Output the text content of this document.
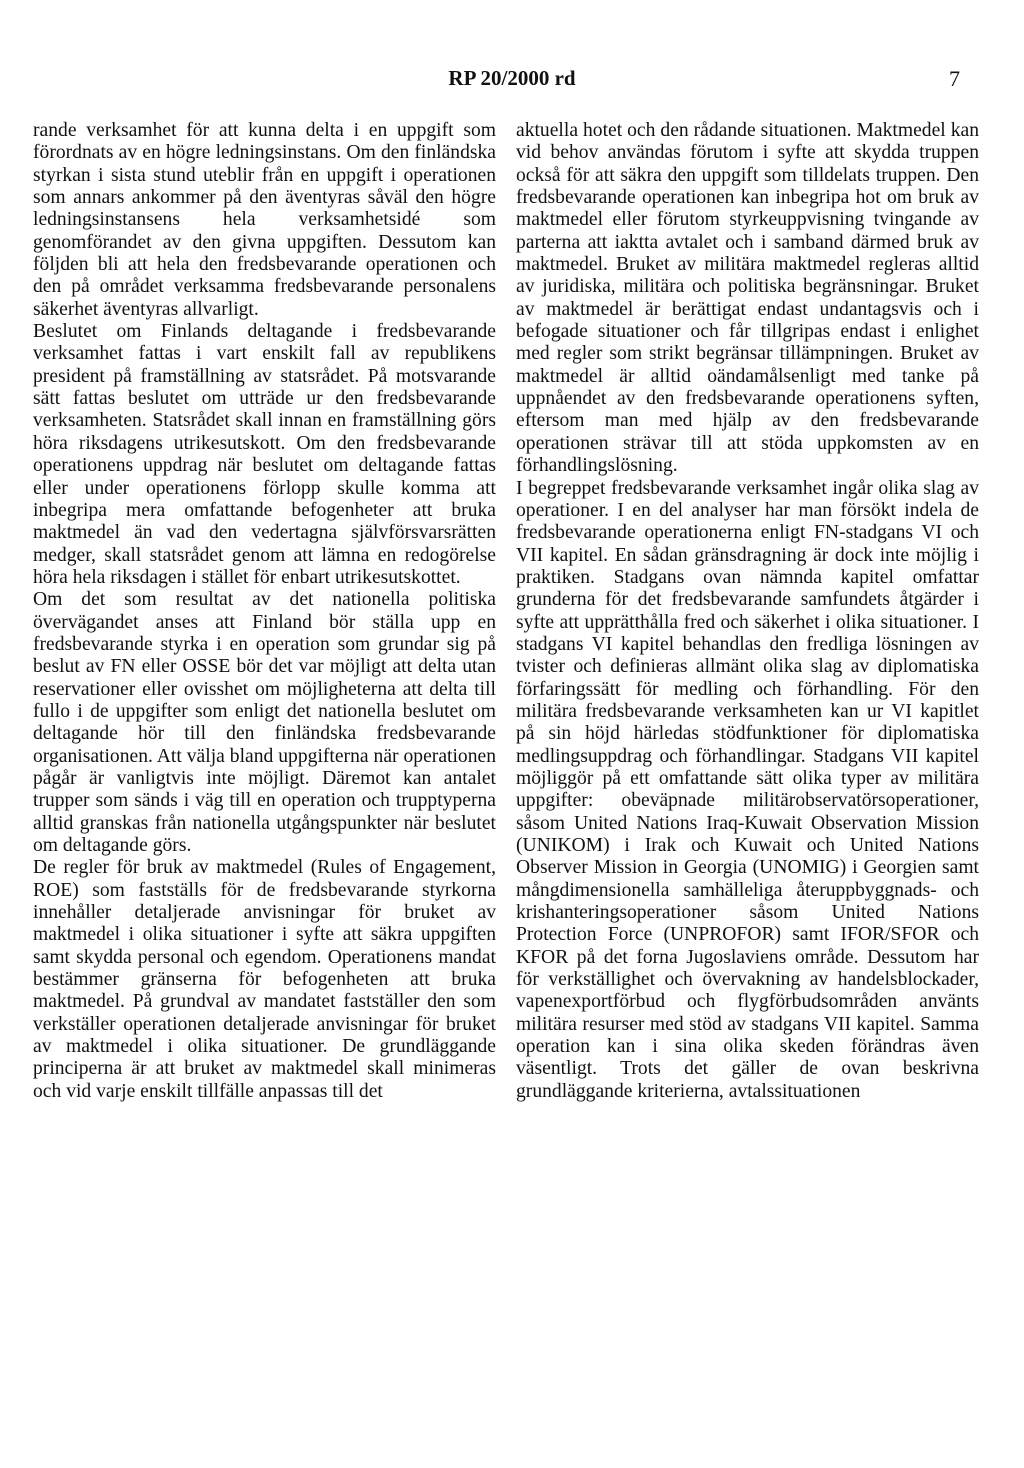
RP 20/2000 rd	7

rande verksamhet för att kunna delta i en uppgift som förordnats av en högre ledningsinstans. Om den finländska styrkan i sista stund uteblir från en uppgift i operationen som annars ankommer på den äventyras såväl den högre ledningsinstansens hela verksamhetsidé som genomförandet av den givna uppgiften. Dessutom kan följden bli att hela den fredsbevarande operationen och den på området verksamma fredsbevarande personalens säkerhet äventyras allvarligt.

Beslutet om Finlands deltagande i fredsbevarande verksamhet fattas i vart enskilt fall av republikens president på framställning av statsrådet. På motsvarande sätt fattas beslutet om utträde ur den fredsbevarande verksamheten. Statsrådet skall innan en framställning görs höra riksdagens utrikesutskott. Om den fredsbevarande operationens uppdrag när beslutet om deltagande fattas eller under operationens förlopp skulle komma att inbegripa mera omfattande befogenheter att bruka maktmedel än vad den vedertagna självförsvarsrätten medger, skall statsrådet genom att lämna en redogörelse höra hela riksdagen i stället för enbart utrikesutskottet.

Om det som resultat av det nationella politiska övervägandet anses att Finland bör ställa upp en fredsbevarande styrka i en operation som grundar sig på beslut av FN eller OSSE bör det var möjligt att delta utan reservationer eller ovisshet om möjligheterna att delta till fullo i de uppgifter som enligt det nationella beslutet om deltagande hör till den finländska fredsbevarande organisationen. Att välja bland uppgifterna när operationen pågår är vanligtvis inte möjligt. Däremot kan antalet trupper som sänds i väg till en operation och trupptyperna alltid granskas från nationella utgångspunkter när beslutet om deltagande görs.

De regler för bruk av maktmedel (Rules of Engagement, ROE) som fastställs för de fredsbevarande styrkorna innehåller detaljerade anvisningar för bruket av maktmedel i olika situationer i syfte att säkra uppgiften samt skydda personal och egendom. Operationens mandat bestämmer gränserna för befogenheten att bruka maktmedel. På grundval av mandatet fastställer den som verkställer operationen detaljerade anvisningar för bruket av maktmedel i olika situationer. De grundläggande principerna är att bruket av maktmedel skall minimeras och vid varje enskilt tillfälle anpassas till det

aktuella hotet och den rådande situationen. Maktmedel kan vid behov användas förutom i syfte att skydda truppen också för att säkra den uppgift som tilldelats truppen. Den fredsbevarande operationen kan inbegripa hot om bruk av maktmedel eller förutom styrkeuppvisning tvingande av parterna att iaktta avtalet och i samband därmed bruk av maktmedel. Bruket av militära maktmedel regleras alltid av juridiska, militära och politiska begränsningar. Bruket av maktmedel är berättigat endast undantagsvis och i befogade situationer och får tillgripas endast i enlighet med regler som strikt begränsar tillämpningen. Bruket av maktmedel är alltid oändamålsenligt med tanke på uppnåendet av den fredsbevarande operationens syften, eftersom man med hjälp av den fredsbevarande operationen strävar till att stöda uppkomsten av en förhandlingslösning.

I begreppet fredsbevarande verksamhet ingår olika slag av operationer. I en del analyser har man försökt indela de fredsbevarande operationerna enligt FN-stadgans VI och VII kapitel. En sådan gränsdragning är dock inte möjlig i praktiken. Stadgans ovan nämnda kapitel omfattar grunderna för det fredsbevarande samfundets åtgärder i syfte att upprätthålla fred och säkerhet i olika situationer. I stadgans VI kapitel behandlas den fredliga lösningen av tvister och definieras allmänt olika slag av diplomatiska förfaringssätt för medling och förhandling. För den militära fredsbevarande verksamheten kan ur VI kapitlet på sin höjd härledas stödfunktioner för diplomatiska medlingsuppdrag och förhandlingar. Stadgans VII kapitel möjliggör på ett omfattande sätt olika typer av militära uppgifter: obeväpnade militärobservatörsoperationer, såsom United Nations Iraq-Kuwait Observation Mission (UNIKOM) i Irak och Kuwait och United Nations Observer Mission in Georgia (UNOMIG) i Georgien samt mångdimensionella samhälleliga återuppbyggnads- och krishanteringsoperationer såsom United Nations Protection Force (UNPROFOR) samt IFOR/SFOR och KFOR på det forna Jugoslaviens område. Dessutom har för verkställighet och övervakning av handelsblockader, vapenexportförbud och flygförbudsområden använts militära resurser med stöd av stadgans VII kapitel. Samma operation kan i sina olika skeden förändras även väsentligt. Trots det gäller de ovan beskrivna grundläggande kriterierna, avtalssituationen
